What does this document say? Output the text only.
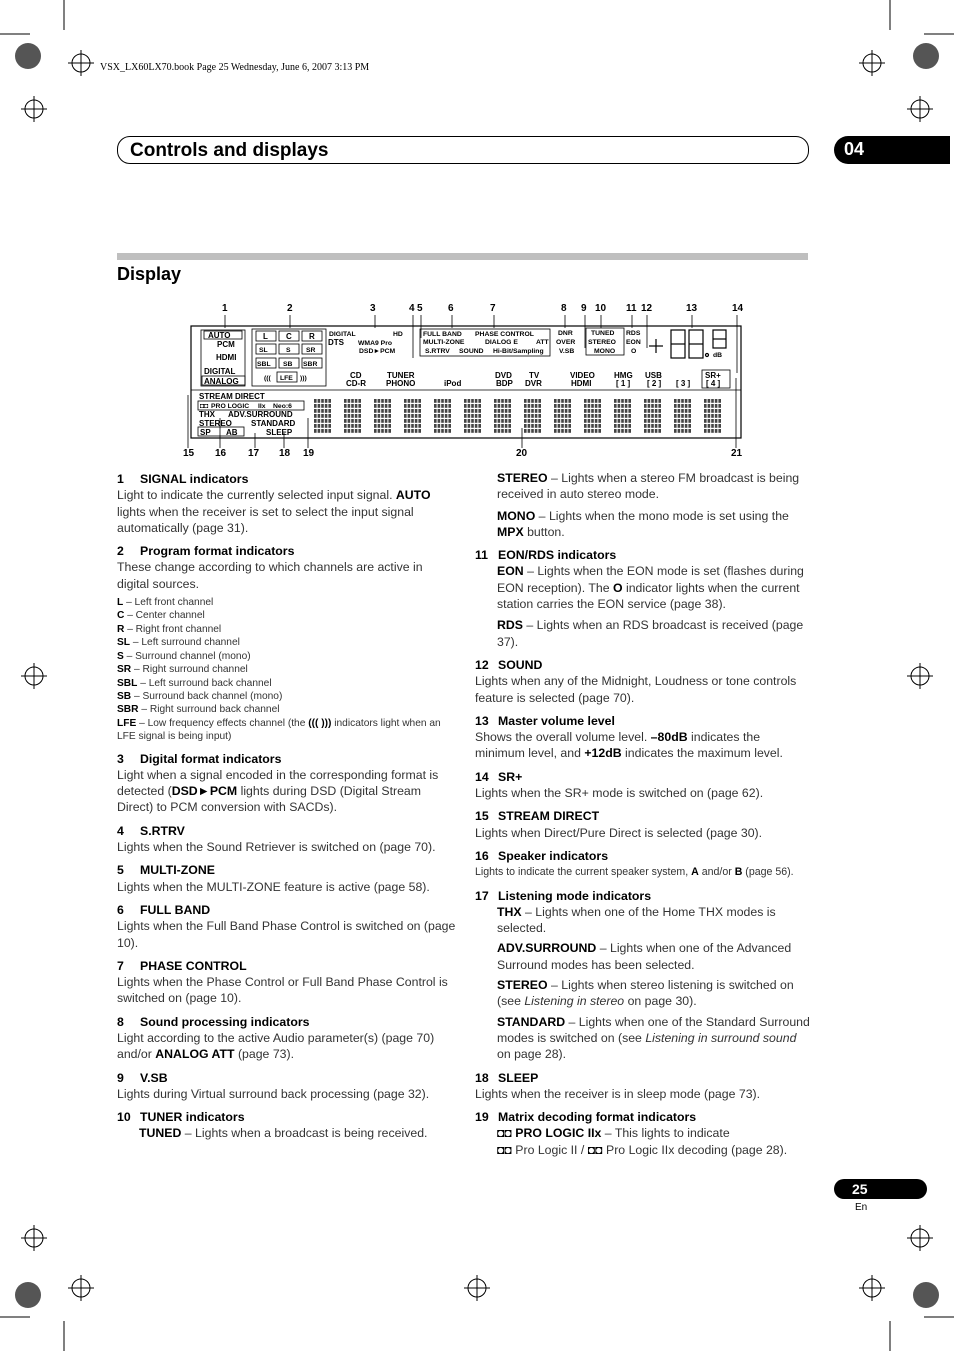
VSX_LX60LX70.book Page 25 Wednesday, June 6, 2007 3:13 PM
Controls and displays	04
Display
1	2	3	4 5	6	7	8 9 10 11 12	13	14
15 16 17 18 19	20	21
AUTO
PCM
HDMI
DIGITAL
ANALOG
L C R
SL	S SR
SBL SB SBR
((( LFE )))
DIGITAL	HD
DTS WMA9 Pro
DSD►PCM
FULL BAND PHASE CONTROL
MULTI-ZONE	DIALOG E
S.RTRV SOUND Hi-Bit/Sampling
DNR
ATT OVER
V.SB
TUNED
STEREO
MONO
RDS
EON
O
dB
CD
CD-R
TUNER
PHONO	iPod
DVD
BDP
TV
DVR
VIDEO
HDMI
HMG
[ 1 ]
USB
[ 2 ] [ 3 ]
SR+
[ 4 ]
STREAM DIRECT
◘◘ PRO LOGIC IIx Neo:6
THX ADV.SURROUND
STEREO STANDARD
SP AB	SLEEP
1 SIGNAL indicators

Light to indicate the currently selected input signal. AUTO lights when the receiver is set to select the input signal automatically (page 31).

2 Program format indicators

These change according to which channels are active in digital sources.

L – Left front channel
C – Center channel
R – Right front channel
SL – Left surround channel
S – Surround channel (mono)
SR – Right surround channel
SBL – Left surround back channel
SB – Surround back channel (mono)
SBR – Right surround back channel

LFE – Low frequency effects channel (the ((( ))) indicators light when an LFE signal is being input)

3 Digital format indicators

Light when a signal encoded in the corresponding format is detected (DSD►PCM lights during DSD (Digital Stream Direct) to PCM conversion with SACDs).

4 S.RTRV

Lights when the Sound Retriever is switched on (page 70).

5 MULTI-ZONE

Lights when the MULTI-ZONE feature is active (page 58).

6 FULL BAND

Lights when the Full Band Phase Control is switched on (page 10).

7 PHASE CONTROL

Lights when the Phase Control or Full Band Phase Control is switched on (page 10).

8 Sound processing indicators

Light according to the active Audio parameter(s) (page 70) and/or ANALOG ATT (page 73).

9 V.SB

Lights during Virtual surround back processing (page 32).

10 TUNER indicators

TUNED – Lights when a broadcast is being received.

STEREO – Lights when a stereo FM broadcast is being received in auto stereo mode.

MONO – Lights when the mono mode is set using the MPX button.

11 EON/RDS indicators

EON – Lights when the EON mode is set (flashes during EON reception). The O indicator lights when the current station carries the EON service (page 38).

RDS – Lights when an RDS broadcast is received (page 37).

12 SOUND

Lights when any of the Midnight, Loudness or tone controls feature is selected (page 70).

13 Master volume level

Shows the overall volume level. –80dB indicates the minimum level, and +12dB indicates the maximum level.

14 SR+

Lights when the SR+ mode is switched on (page 62).

15 STREAM DIRECT

Lights when Direct/Pure Direct is selected (page 30).

16 Speaker indicators

Lights to indicate the current speaker system, A and/or B (page 56).

17 Listening mode indicators

THX – Lights when one of the Home THX modes is selected.

ADV.SURROUND – Lights when one of the Advanced Surround modes has been selected.

STEREO – Lights when stereo listening is switched on (see Listening in stereo on page 30).

STANDARD – Lights when one of the Standard Surround modes is switched on (see Listening in surround sound on page 28).

18 SLEEP

Lights when the receiver is in sleep mode (page 73).

19 Matrix decoding format indicators

◘◘ PRO LOGIC IIx – This lights to indicate

◘◘ Pro Logic II / ◘◘ Pro Logic IIx decoding (page 28).

25
En
